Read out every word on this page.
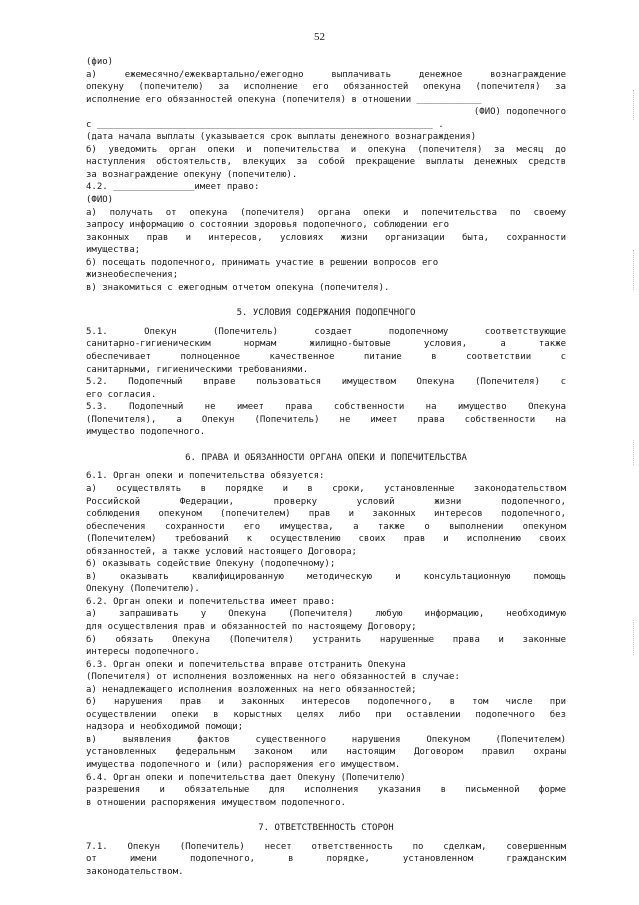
52
(фио)
а) ежемесячно/ежеквартально/ежегодно выплачивать денежное вознаграждение
опекуну (попечителю) за исполнение его обязанностей опекуна (попечителя) за
исполнение его обязанностей опекуна (попечителя) в отношении ____________
(ФИО) подопечного
с ______________________________________________________________ .
(дата начала выплаты (указывается срок выплаты денежного вознаграждения)
б) уведомить орган опеки и попечительства и опекуна (попечителя) за месяц до
наступления обстоятельств, влекущих за собой прекращение выплаты денежных средств
за вознаграждение опекуну (попечителю).
4.2. _______________имеет право:
(ФИО)
а) получать от опекуна (попечителя) органа опеки и попечительства по своему
запросу информацию о состоянии здоровья подопечного, соблюдении его
законных прав и интересов, условиях жизни организации быта, сохранности
имущества;
б) посещать подопечного, принимать участие в решении вопросов его
жизнеобеспечения;
в) знакомиться с ежегодным отчетом опекуна (попечителя).
5. УСЛОВИЯ СОДЕРЖАНИЯ ПОДОПЕЧНОГО
5.1. Опекун (Попечитель) создает подопечному соответствующие
санитарно-гигиеническим нормам жилищно-бытовые условия, а также
обеспечивает полноценное качественное питание в соответствии с
санитарными, гигиеническими требованиями.
5.2. Подопечный вправе пользоваться имуществом Опекуна (Попечителя) с
его согласия.
5.3. Подопечный не имеет права собственности на имущество Опекуна
(Попечителя), а Опекун (Попечитель) не имеет права собственности на
имущество подопечного.
6. ПРАВА И ОБЯЗАННОСТИ ОРГАНА ОПЕКИ И ПОПЕЧИТЕЛЬСТВА
6.1. Орган опеки и попечительства обязуется:
а) осуществлять в порядке и в сроки, установленные законодательством
Российской Федерации, проверку условий жизни подопечного,
соблюдения опекуном (попечителем) прав и законных интересов подопечного,
обеспечения сохранности его имущества, а также о выполнении опекуном
(Попечителем) требований к осуществлению своих прав и исполнению своих
обязанностей, а также условий настоящего Договора;
б) оказывать содействие Опекуну (подопечному);
в) оказывать квалифицированную методическую и консультационную помощь
Опекуну (Попечителю).
6.2. Орган опеки и попечительства имеет право:
а) запрашивать у Опекуна (Попечителя) любую информацию, необходимую
для осуществления прав и обязанностей по настоящему Договору;
б) обязать Опекуна (Попечителя) устранить нарушенные права и законные
интересы подопечного.
6.3. Орган опеки и попечительства вправе отстранить Опекуна
(Попечителя) от исполнения возложенных на него обязанностей в случае:
а) ненадлежащего исполнения возложенных на него обязанностей;
б) нарушения прав и законных интересов подопечного, в том числе при
осуществлении опеки в корыстных целях либо при оставлении подопечного без
надзора и необходимой помощи;
в) выявления фактов существенного нарушения Опекуном (Попечителем)
установленных федеральным законом или настоящим Договором правил охраны
имущества подопечного и (или) распоряжения его имуществом.
6.4. Орган опеки и попечительства дает Опекуну (Попечителю)
разрешения и обязательные для исполнения указания в письменной форме
в отношении распоряжения имуществом подопечного.
7. ОТВЕТСТВЕННОСТЬ СТОРОН
7.1. Опекун (Попечитель) несет ответственность по сделкам, совершенным
от имени подопечного, в порядке, установленном гражданским
законодательством.
